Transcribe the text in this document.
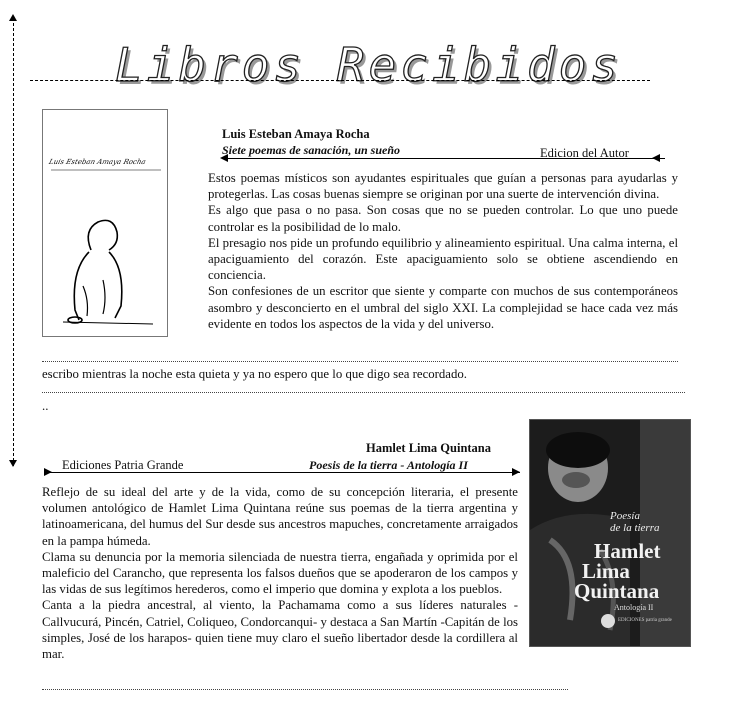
Libros Recibidos
Luis Esteban Amaya Rocha
Luis Esteban Amaya Rocha
Siete poemas de sanación, un sueño	Edicion del Autor

Estos poemas místicos son ayudantes espirituales que guían a personas para ayudarlas y protegerlas. Las cosas buenas siempre se originan por una suerte de intervención divina.

Es algo que pasa o no pasa. Son cosas que no se pueden controlar. Lo que uno puede controlar es la posibilidad de lo malo.

El presagio nos pide un profundo equilibrio y alineamiento espiritual. Una calma interna, el apaciguamiento del corazón. Este apaciguamiento solo se obtiene ascendiendo en conciencia.

Son confesiones de un escritor que siente y comparte con muchos de sus contemporáneos asombro y desconcierto en el umbral del siglo XXI. La complejidad se hace cada vez más evidente en todos los aspectos de la vida y del universo.

escribo mientras la noche esta quieta y ya no espero que lo que digo sea recordado.
..
Hamlet Lima Quintana
Poesis de la tierra - Antología II
Ediciones Patria Grande

Reflejo de su ideal del arte y de la vida, como de su concepción literaria, el presente volumen antológico de Hamlet Lima Quintana reúne sus poemas de la tierra argentina y latinoamericana, del humus del Sur desde sus ancestros mapuches, concretamente arraigados en la pampa húmeda.

Clama su denuncia por la memoria silenciada de nuestra tierra, engañada y oprimida por el maleficio del Carancho, que representa los falsos dueños que se apoderaron de los campos y las vidas de sus legítimos herederos, como el imperio que domina y explota a los pueblos.

Canta a la piedra ancestral, al viento, la Pachamama como a sus líderes naturales -Callvucurá, Pincén, Catriel, Coliqueo, Condorcanqui- y destaca a San Martín -Capitán de los simples, José de los harapos- quien tiene muy claro el sueño libertador desde la cordillera al mar.

Poesía
de la tierra
Hamlet
Lima
Quintana
Antología II
EDICIONES patria grande
